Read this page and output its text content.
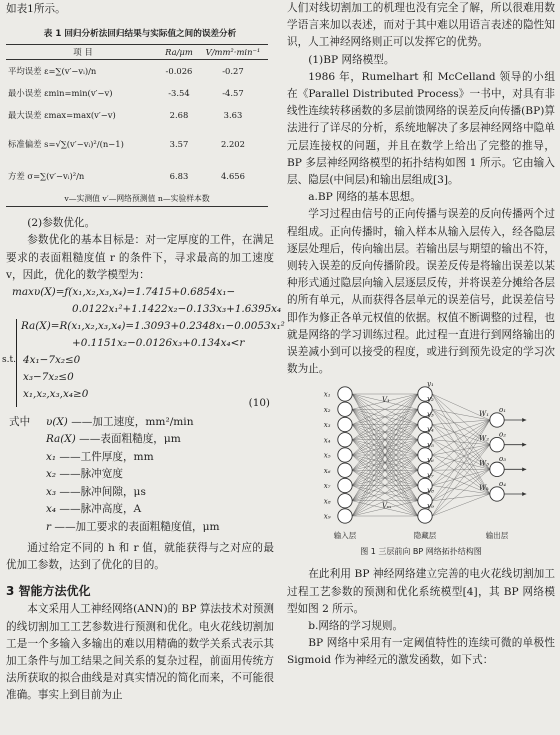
如表1所示。

表 1 回归分析法回归结果与实际值之间的误差分析
项 目	Ra/μm	V/mm²·min⁻¹
平均误差 ε=∑(v′−vᵢ)/n	-0.026	-0.27
最小误差 εmin=min(v′−v)	-3.54	-4.57
最大误差 εmax=max(v′−v)	2.68	3.63
标准偏差 s=√∑(v′−vᵢ)²/(n−1)	3.57	2.202
方差 σ=∑(v′−vᵢ)²/n	6.83	4.656
v—实测值 v′—网络预测值 n—实验样本数		

(2)参数优化。

参数优化的基本目标是：对一定厚度的工件，在满足要求的表面粗糙度值 r 的条件下，寻求最高的加工速度 v，因此，优化的数学模型为：

maxυ(X)=ƒ(x₁,x₂,x₃,x₄)=1.7415+0.6854x₁−
0.0122x₁²+1.1422x₂−0.133x₃+1.6395x₄
Ra(X)=R(x₁,x₂,x₃,x₄)=1.3093+0.2348x₁−0.0053x₁²
+0.1151x₂−0.0126x₃+0.134x₄<r
s.t. 4x₁−7x₂≤0
x₃−7x₂≤0
x₁,x₂,x₃,x₄≥0
(10)
式中 υ(X) ——加工速度，mm²/min
Ra(X) ——表面粗糙度，μm
x₁ ——工件厚度，mm
x₂ ——脉冲宽度
x₃ ——脉冲间隙，μs
x₄ ——脉冲高度，A
r ——加工要求的表面粗糙度值，μm

通过给定不同的 h 和 r 值，就能获得与之对应的最优加工参数，达到了优化的目的。

3 智能方法优化

本文采用人工神经网络(ANN)的 BP 算法技术对预测的线切割加工工艺参数进行预测和优化。电火花线切割加工是一个多输入多输出的难以用精确的数学关系式表示其加工条件与加工结果之间关系的复杂过程，前面用传统方法所获取的拟合曲线是对真实情况的简化而来，不可能很准确。事实上到目前为止

人们对线切割加工的机理也没有完全了解，所以很难用数学语言来加以表述，而对于其中难以用语言表述的隐性知识，人工神经网络则正可以发挥它的优势。

(1)BP 网络模型。

1986 年，Rumelhart 和 McCelland 领导的小组在《Parallel Distributed Process》一书中，对具有非线性连续转移函数的多层前馈网络的误差反向传播(BP)算法进行了详尽的分析，系统地解决了多层神经网络中隐单元层连接权的问题，并且在数学上给出了完整的推导，BP 多层神经网络模型的拓扑结构如图 1 所示。它由输入层、隐层(中间层)和输出层组成[3]。

a.BP 网络的基本思想。

学习过程由信号的正向传播与误差的反向传播两个过程组成。正向传播时，输入样本从输入层传入，经各隐层逐层处理后，传向输出层。若输出层与期望的输出不符，则转入误差的反向传播阶段。误差反传是将输出误差以某种形式通过隐层向输入层逐层反传，并将误差分摊给各层的所有单元，从而获得各层单元的误差信号，此误差信号即作为修正各单元权值的依据。权值不断调整的过程，也就是网络的学习训练过程。此过程一直进行到网络输出的误差减小到可以接受的程度，或进行到预先设定的学习次数为止。

x₁
x₂
x₃
x₄
x₅
x₆
x₇
x₈
x₉
y₁
y₂
y₃
y₄
y₅
y₆
y₇
y₈
y₉
o₁
o₂
o₃
o₄
V₁
Vₘ
W₁
W₂
W₃
Wₖ
输入层	隐藏层	输出层
图 1 三层前向 BP 网络拓扑结构图

在此利用 BP 神经网络建立完善的电火花线切割加工过程工艺参数的预测和优化系统模型[4]，其 BP 网络模型如图 2 所示。

b.网络的学习规则。

BP 网络中采用有一定阈值特性的连续可微的单极性 Sigmoid 作为神经元的激发函数，如下式：
